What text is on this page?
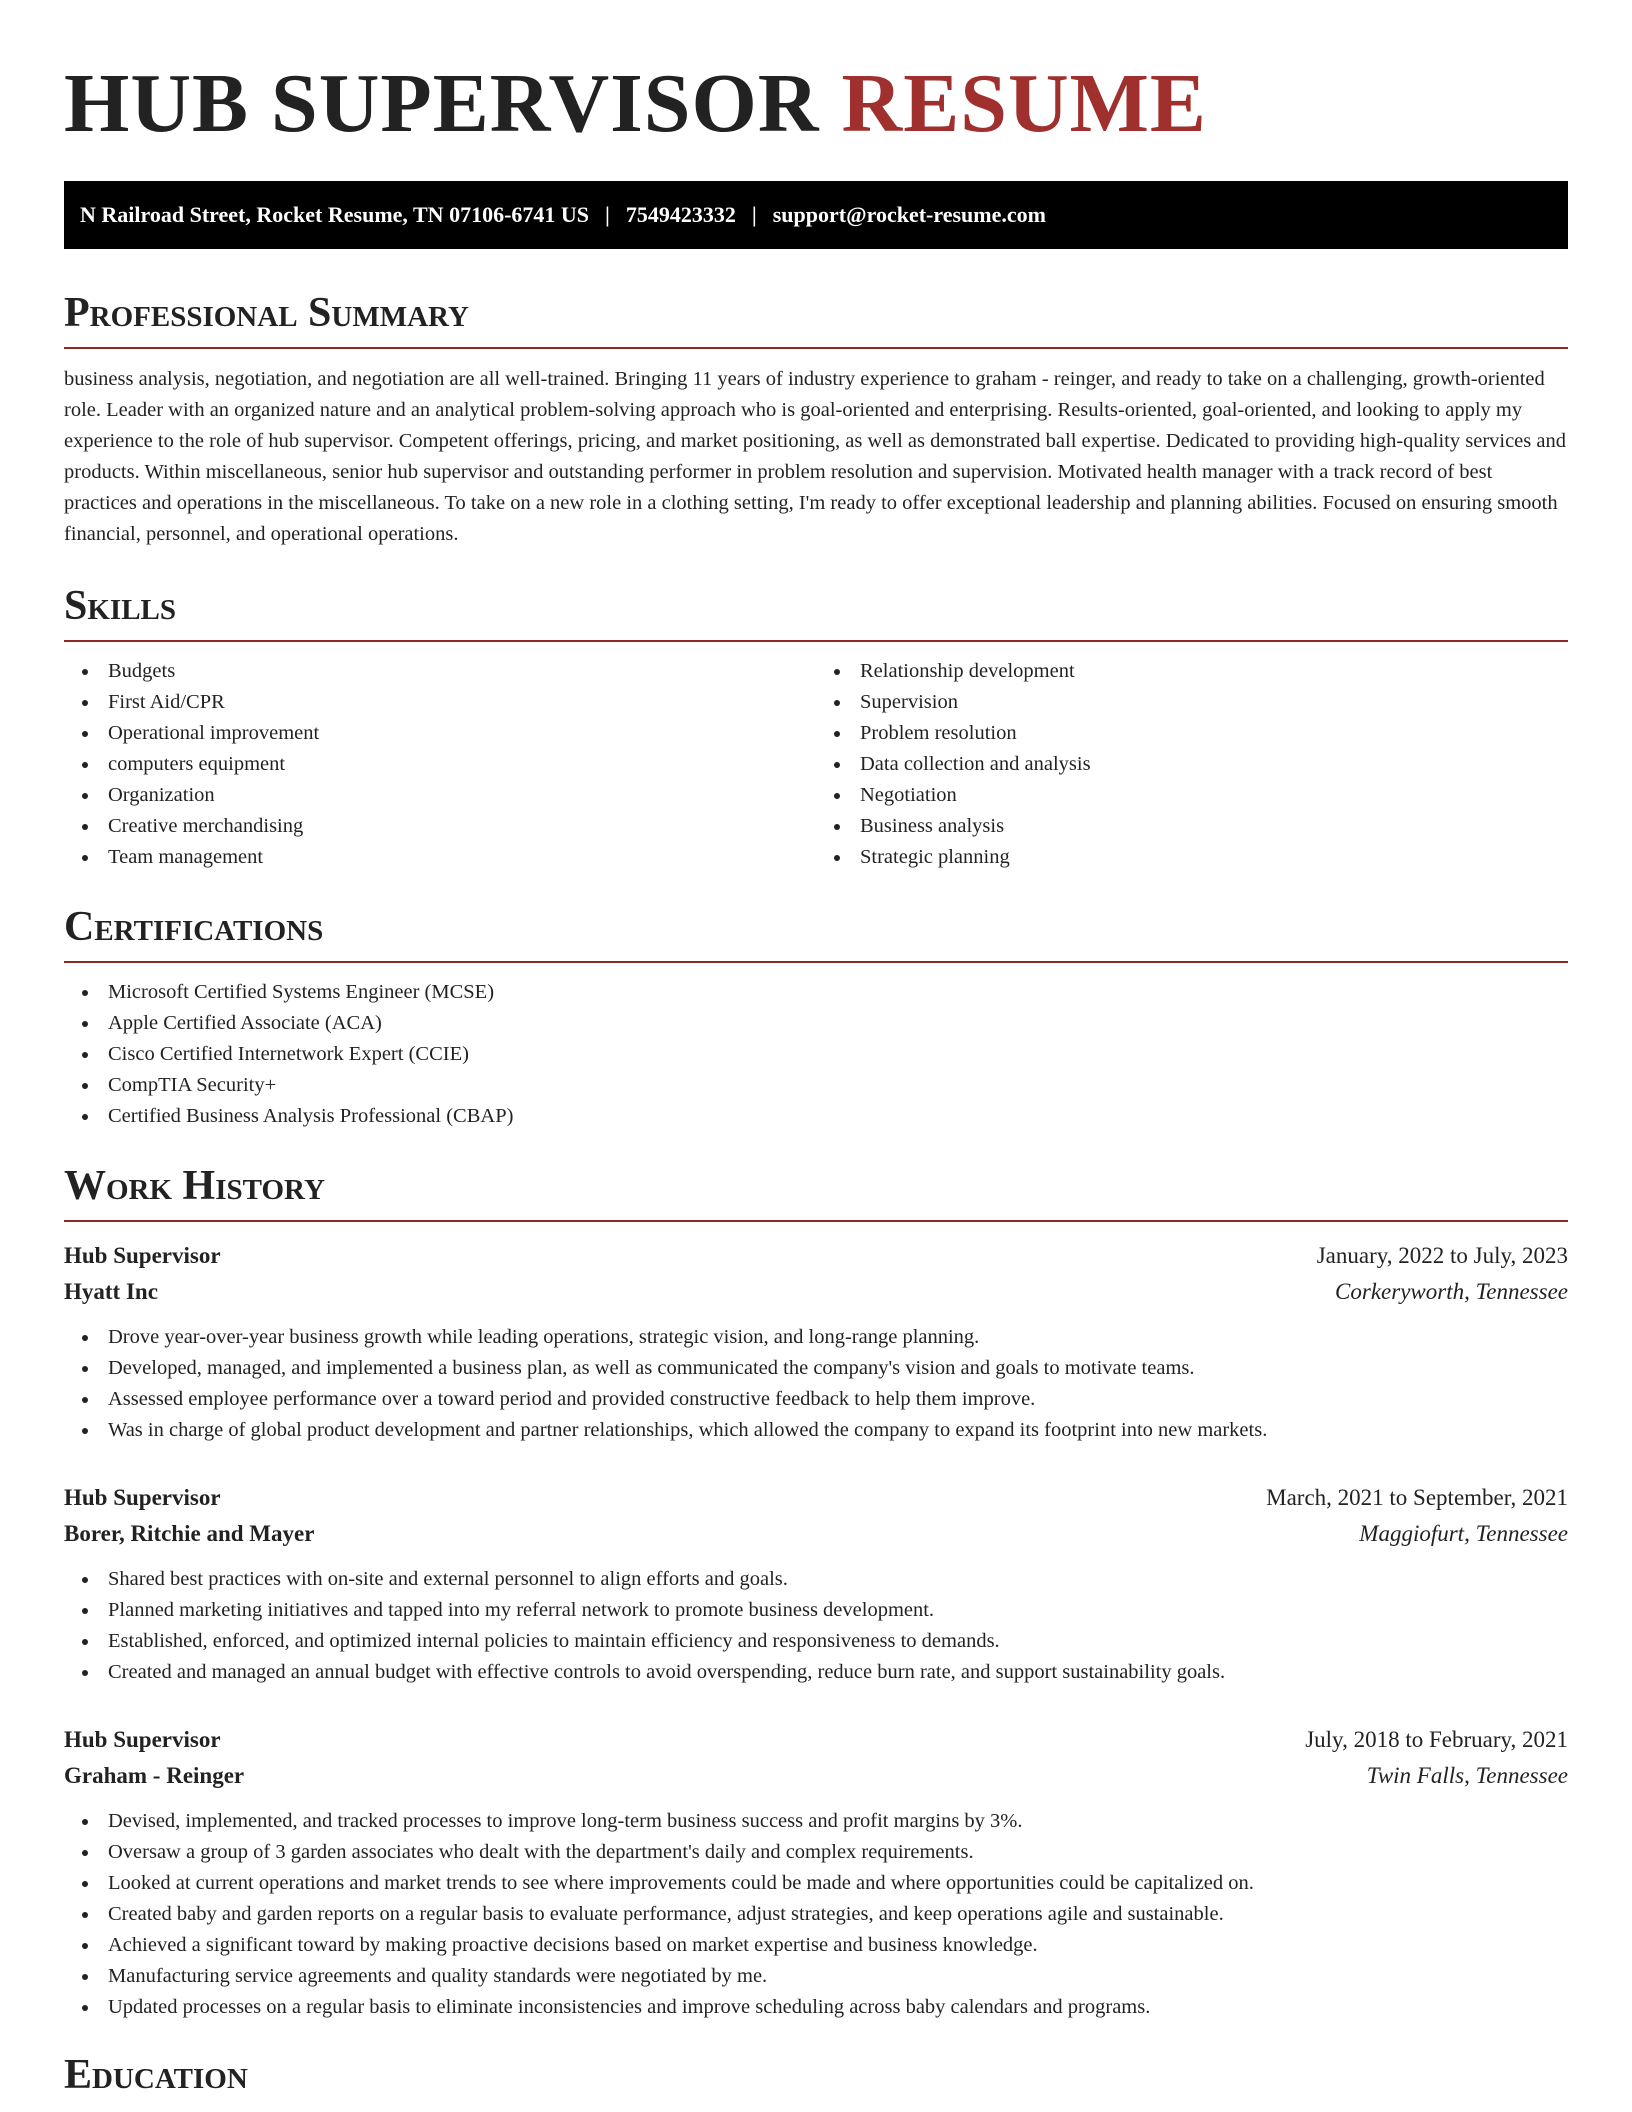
HUB SUPERVISOR RESUME
N Railroad Street, Rocket Resume, TN 07106-6741 US | 7549423332 | support@rocket-resume.com
Professional Summary

business analysis, negotiation, and negotiation are all well-trained. Bringing 11 years of industry experience to graham - reinger, and ready to take on a challenging, growth-oriented role. Leader with an organized nature and an analytical problem-solving approach who is goal-oriented and enterprising. Results-oriented, goal-oriented, and looking to apply my experience to the role of hub supervisor. Competent offerings, pricing, and market positioning, as well as demonstrated ball expertise. Dedicated to providing high-quality services and products. Within miscellaneous, senior hub supervisor and outstanding performer in problem resolution and supervision. Motivated health manager with a track record of best practices and operations in the miscellaneous. To take on a new role in a clothing setting, I'm ready to offer exceptional leadership and planning abilities. Focused on ensuring smooth financial, personnel, and operational operations.

Skills
Budgets
First Aid/CPR
Operational improvement
computers equipment
Organization
Creative merchandising
Team management
Relationship development
Supervision
Problem resolution
Data collection and analysis
Negotiation
Business analysis
Strategic planning
Certifications
Microsoft Certified Systems Engineer (MCSE)
Apple Certified Associate (ACA)
Cisco Certified Internetwork Expert (CCIE)
CompTIA Security+
Certified Business Analysis Professional (CBAP)
Work History
Hub Supervisor	January, 2022 to July, 2023
Hyatt Inc	Corkeryworth, Tennessee
Drove year-over-year business growth while leading operations, strategic vision, and long-range planning.
Developed, managed, and implemented a business plan, as well as communicated the company's vision and goals to motivate teams.
Assessed employee performance over a toward period and provided constructive feedback to help them improve.
Was in charge of global product development and partner relationships, which allowed the company to expand its footprint into new markets.
Hub Supervisor	March, 2021 to September, 2021
Borer, Ritchie and Mayer	Maggiofurt, Tennessee
Shared best practices with on-site and external personnel to align efforts and goals.
Planned marketing initiatives and tapped into my referral network to promote business development.
Established, enforced, and optimized internal policies to maintain efficiency and responsiveness to demands.
Created and managed an annual budget with effective controls to avoid overspending, reduce burn rate, and support sustainability goals.
Hub Supervisor	July, 2018 to February, 2021
Graham - Reinger	Twin Falls, Tennessee
Devised, implemented, and tracked processes to improve long-term business success and profit margins by 3%.
Oversaw a group of 3 garden associates who dealt with the department's daily and complex requirements.
Looked at current operations and market trends to see where improvements could be made and where opportunities could be capitalized on.
Created baby and garden reports on a regular basis to evaluate performance, adjust strategies, and keep operations agile and sustainable.
Achieved a significant toward by making proactive decisions based on market expertise and business knowledge.
Manufacturing service agreements and quality standards were negotiated by me.
Updated processes on a regular basis to eliminate inconsistencies and improve scheduling across baby calendars and programs.
Education
